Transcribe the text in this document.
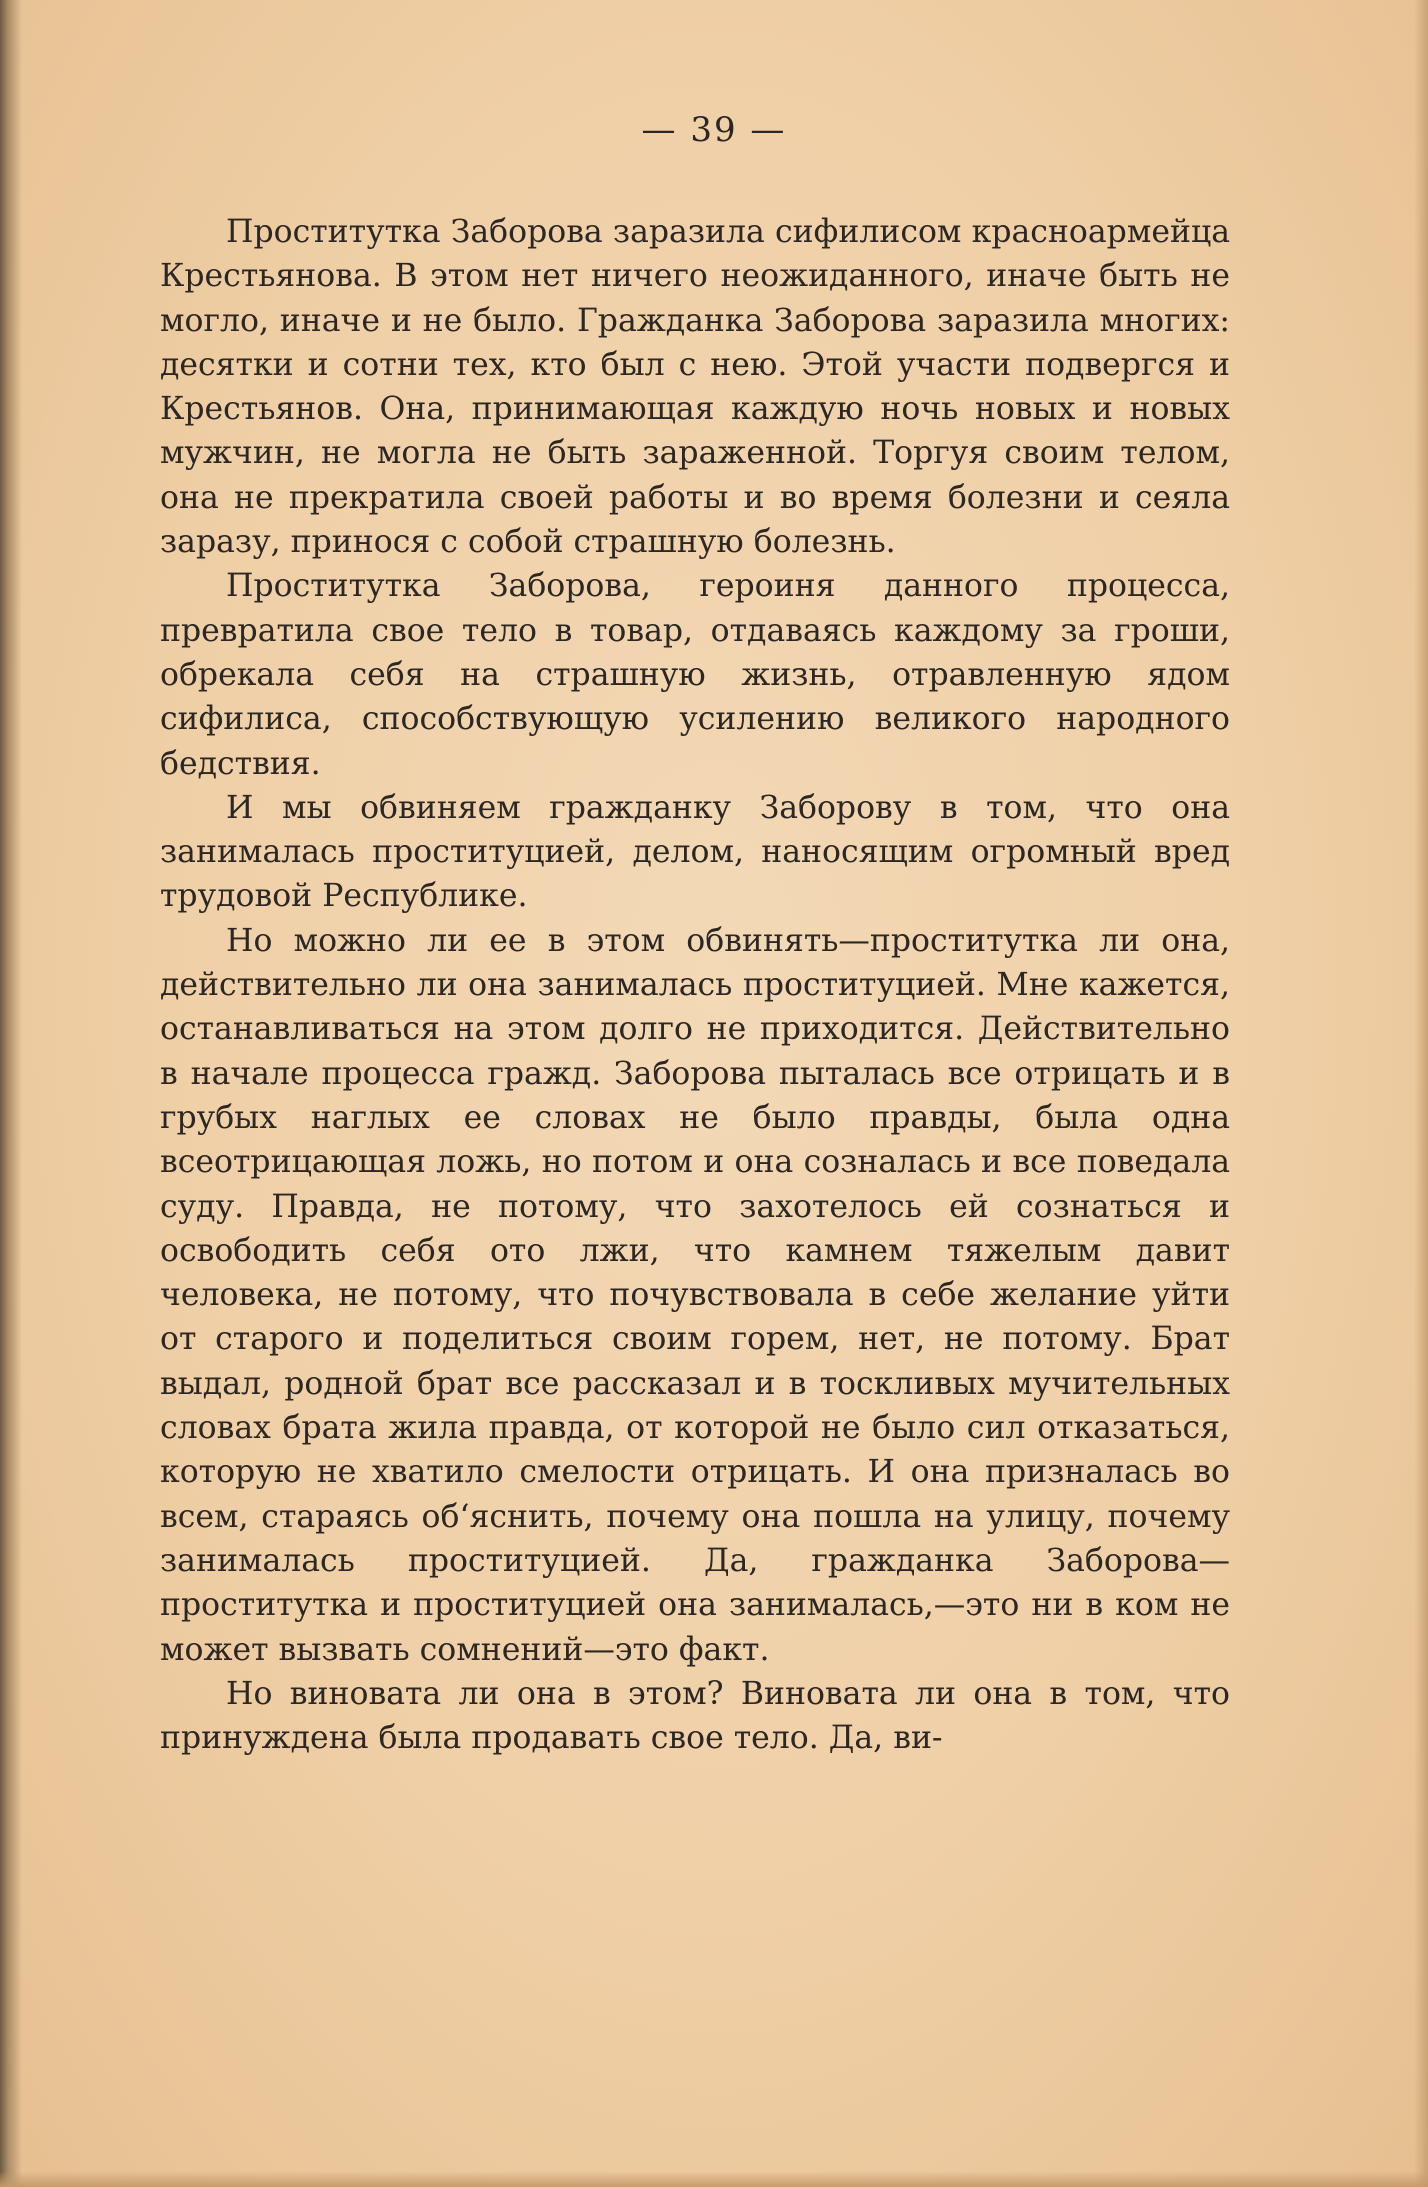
— 39 —

Проститутка Заборова заразила сифилисом красноармейца Крестьянова. В этом нет ничего неожиданного, иначе быть не могло, иначе и не было. Гражданка Заборова заразила многих: десятки и сотни тех, кто был с нею. Этой участи подвергся и Крестьянов. Она, принимающая каждую ночь новых и новых мужчин, не могла не быть зараженной. Торгуя своим телом, она не прекратила своей работы и во время болезни и сеяла заразу, принося с собой страшную болезнь.

Проститутка Заборова, героиня данного процесса, превратила свое тело в товар, отдаваясь каждому за гроши, обрекала себя на страшную жизнь, отравленную ядом сифилиса, способствующую усилению великого народного бедствия.

И мы обвиняем гражданку Заборову в том, что она занималась проституцией, делом, наносящим огромный вред трудовой Республике.

Но можно ли ее в этом обвинять—проститутка ли она, действительно ли она занималась проституцией. Мне кажется, останавливаться на этом долго не приходится. Действительно в начале процесса гражд. Заборова пыталась все отрицать и в грубых наглых ее словах не было правды, была одна всеотрицающая ложь, но потом и она созналась и все поведала суду. Правда, не потому, что захотелось ей сознаться и освободить себя ото лжи, что камнем тяжелым давит человека, не потому, что почувствовала в себе желание уйти от старого и поделиться своим горем, нет, не потому. Брат выдал, родной брат все рассказал и в тоскливых мучительных словах брата жила правда, от которой не было сил отказаться, которую не хватило смелости отрицать. И она призналась во всем, стараясь об‘яснить, почему она пошла на улицу, почему занималась проституцией. Да, гражданка Заборова—проститутка и проституцией она занималась,—это ни в ком не может вызвать сомнений—это факт.

Но виновата ли она в этом? Виновата ли она в том, что принуждена была продавать свое тело. Да, ви-
